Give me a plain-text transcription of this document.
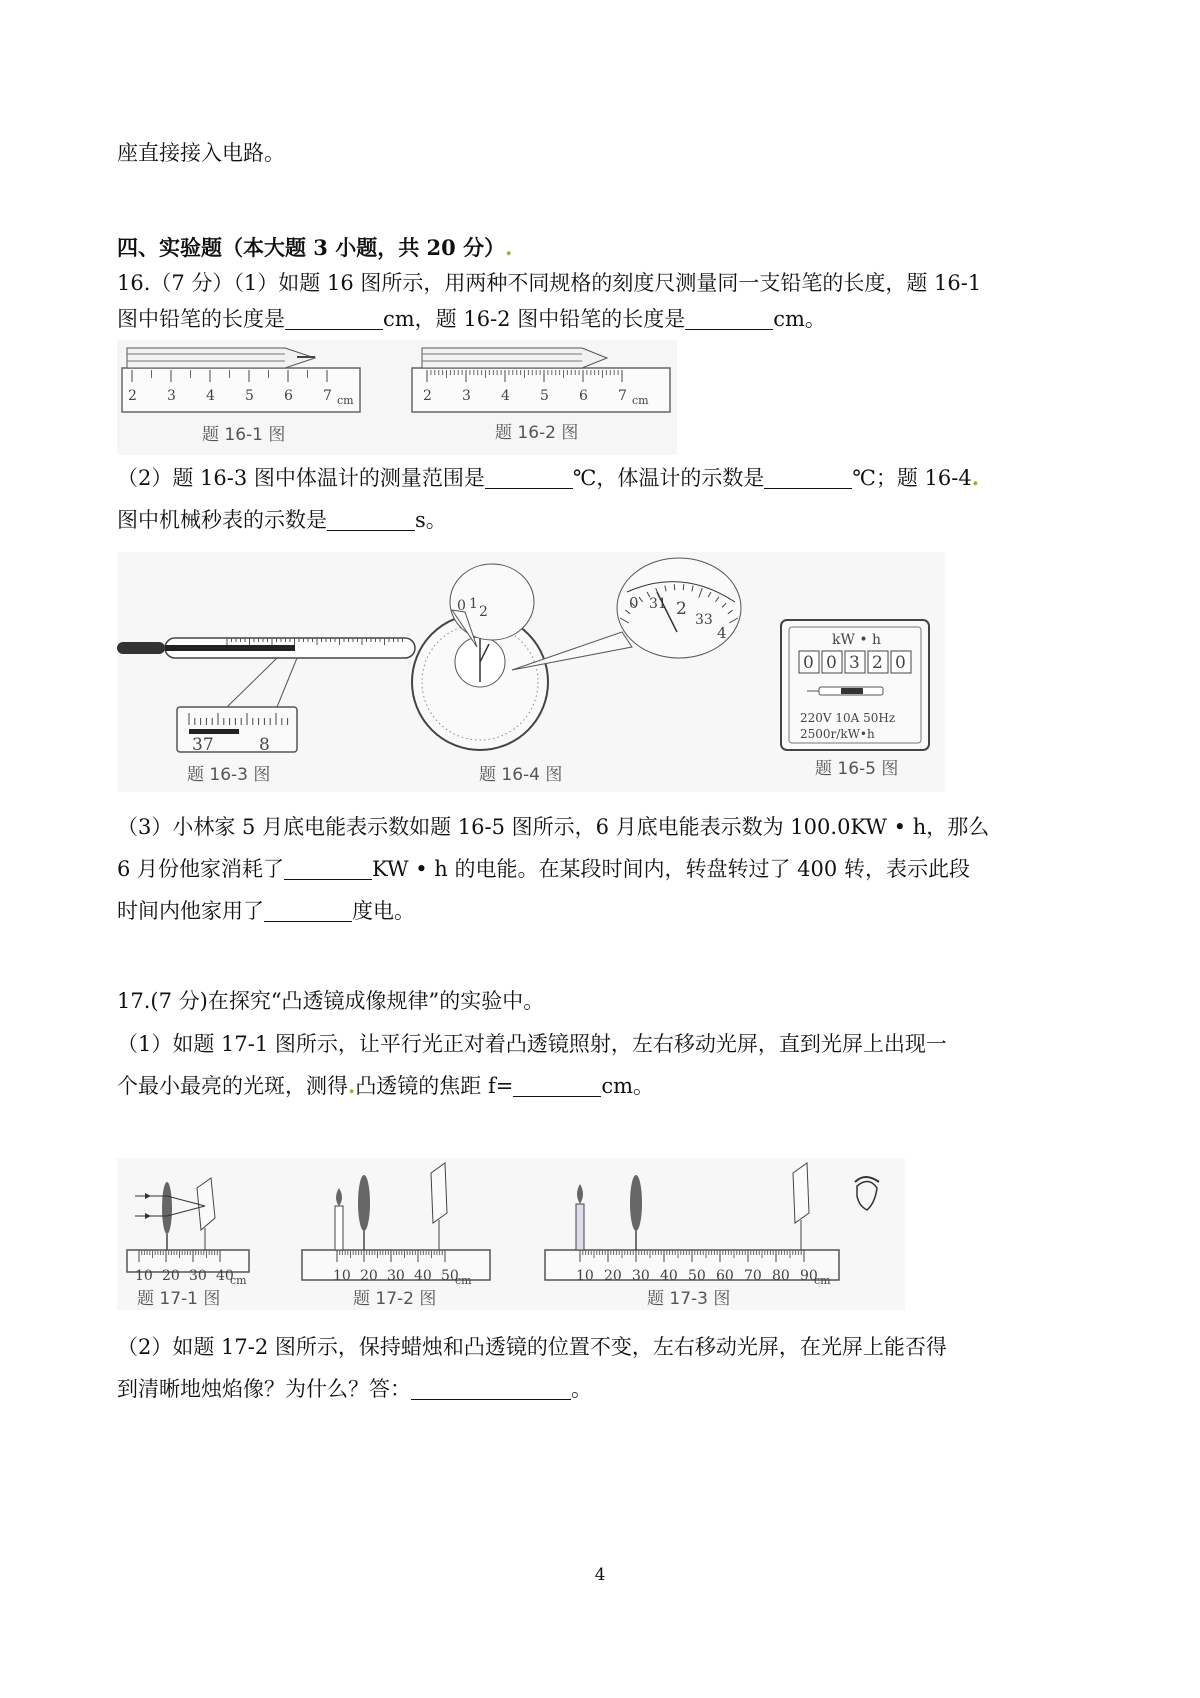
座直接接入电路。
四、实验题（本大题 3 小题，共 20 分）.
16.（7 分）（1）如题 16 图所示，用两种不同规格的刻度尺测量同一支铅笔的长度，题 16-1
图中铅笔的长度是	cm，题 16-2 图中铅笔的长度是	cm。
2 3 4 5 6 7 cm
题 16-1 图
2 3 4 5 6 7 cm
题 16-2 图
（2）题 16-3 图中体温计的测量范围是	℃，体温计的示数是	℃；题 16-4.
图中机械秒表的示数是	s。
37	8
题 16-3 图
0 1 2	0 31 2
33
4
题 16-4 图
kW • h
0 0 3 2 0
220V 10A 50Hz
2500r/kW•h
题 16-5 图
（3）小林家 5 月底电能表示数如题 16-5 图所示，6 月底电能表示数为 100.0KW • h，那么
6 月份他家消耗了	KW • h 的电能。在某段时间内，转盘转过了 400 转，表示此段
时间内他家用了	度电。
17.(7 分)在探究“凸透镜成像规律”的实验中。
（1）如题 17-1 图所示，让平行光正对着凸透镜照射，左右移动光屏，直到光屏上出现一
个最小最亮的光斑，测得.凸透镜的焦距 f=	cm。
10 20 30 40
cm
题 17-1 图
10 20 30 40 50
cm
题 17-2 图
10 20 30 40 50 60 70 80 90
cm
题 17-3 图
（2）如题 17-2 图所示，保持蜡烛和凸透镜的位置不变，左右移动光屏，在光屏上能否得
到清晰地烛焰像？为什么？答：	。
4
